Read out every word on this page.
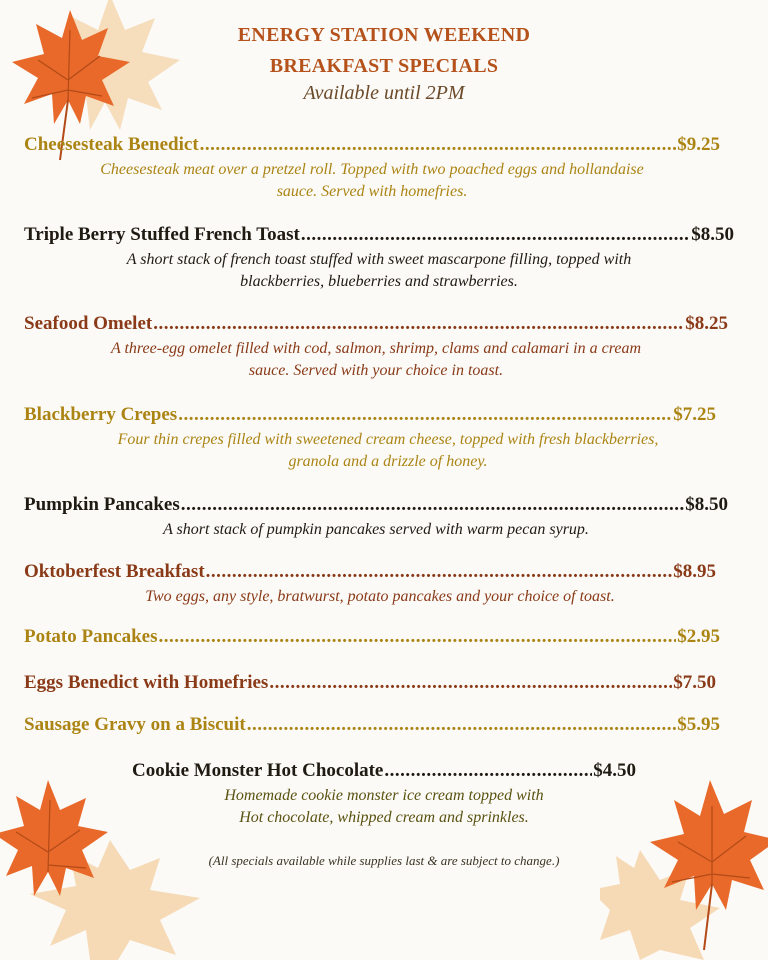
ENERGY STATION WEEKEND
BREAKFAST SPECIALS
Available until 2PM
Cheesesteak Benedict .....	$9.25
Cheesesteak meat over a pretzel roll. Topped with two poached eggs and hollandaise
sauce. Served with homefries.
Triple Berry Stuffed French Toast .....	$8.50
A short stack of french toast stuffed with sweet mascarpone filling, topped with
blackberries, blueberries and strawberries.
Seafood Omelet .....	$8.25
A three-egg omelet filled with cod, salmon, shrimp, clams and calamari in a cream
sauce. Served with your choice in toast.
Blackberry Crepes .....	$7.25
Four thin crepes filled with sweetened cream cheese, topped with fresh blackberries,
granola and a drizzle of honey.
Pumpkin Pancakes .....	$8.50
A short stack of pumpkin pancakes served with warm pecan syrup.
Oktoberfest Breakfast .....	$8.95
Two eggs, any style, bratwurst, potato pancakes and your choice of toast.
Potato Pancakes .....	$2.95
Eggs Benedict with Homefries .....	$7.50
Sausage Gravy on a Biscuit .....	$5.95
Cookie Monster Hot Chocolate .....	$4.50
Homemade cookie monster ice cream topped with
Hot chocolate, whipped cream and sprinkles.
(All specials available while supplies last & are subject to change.)
